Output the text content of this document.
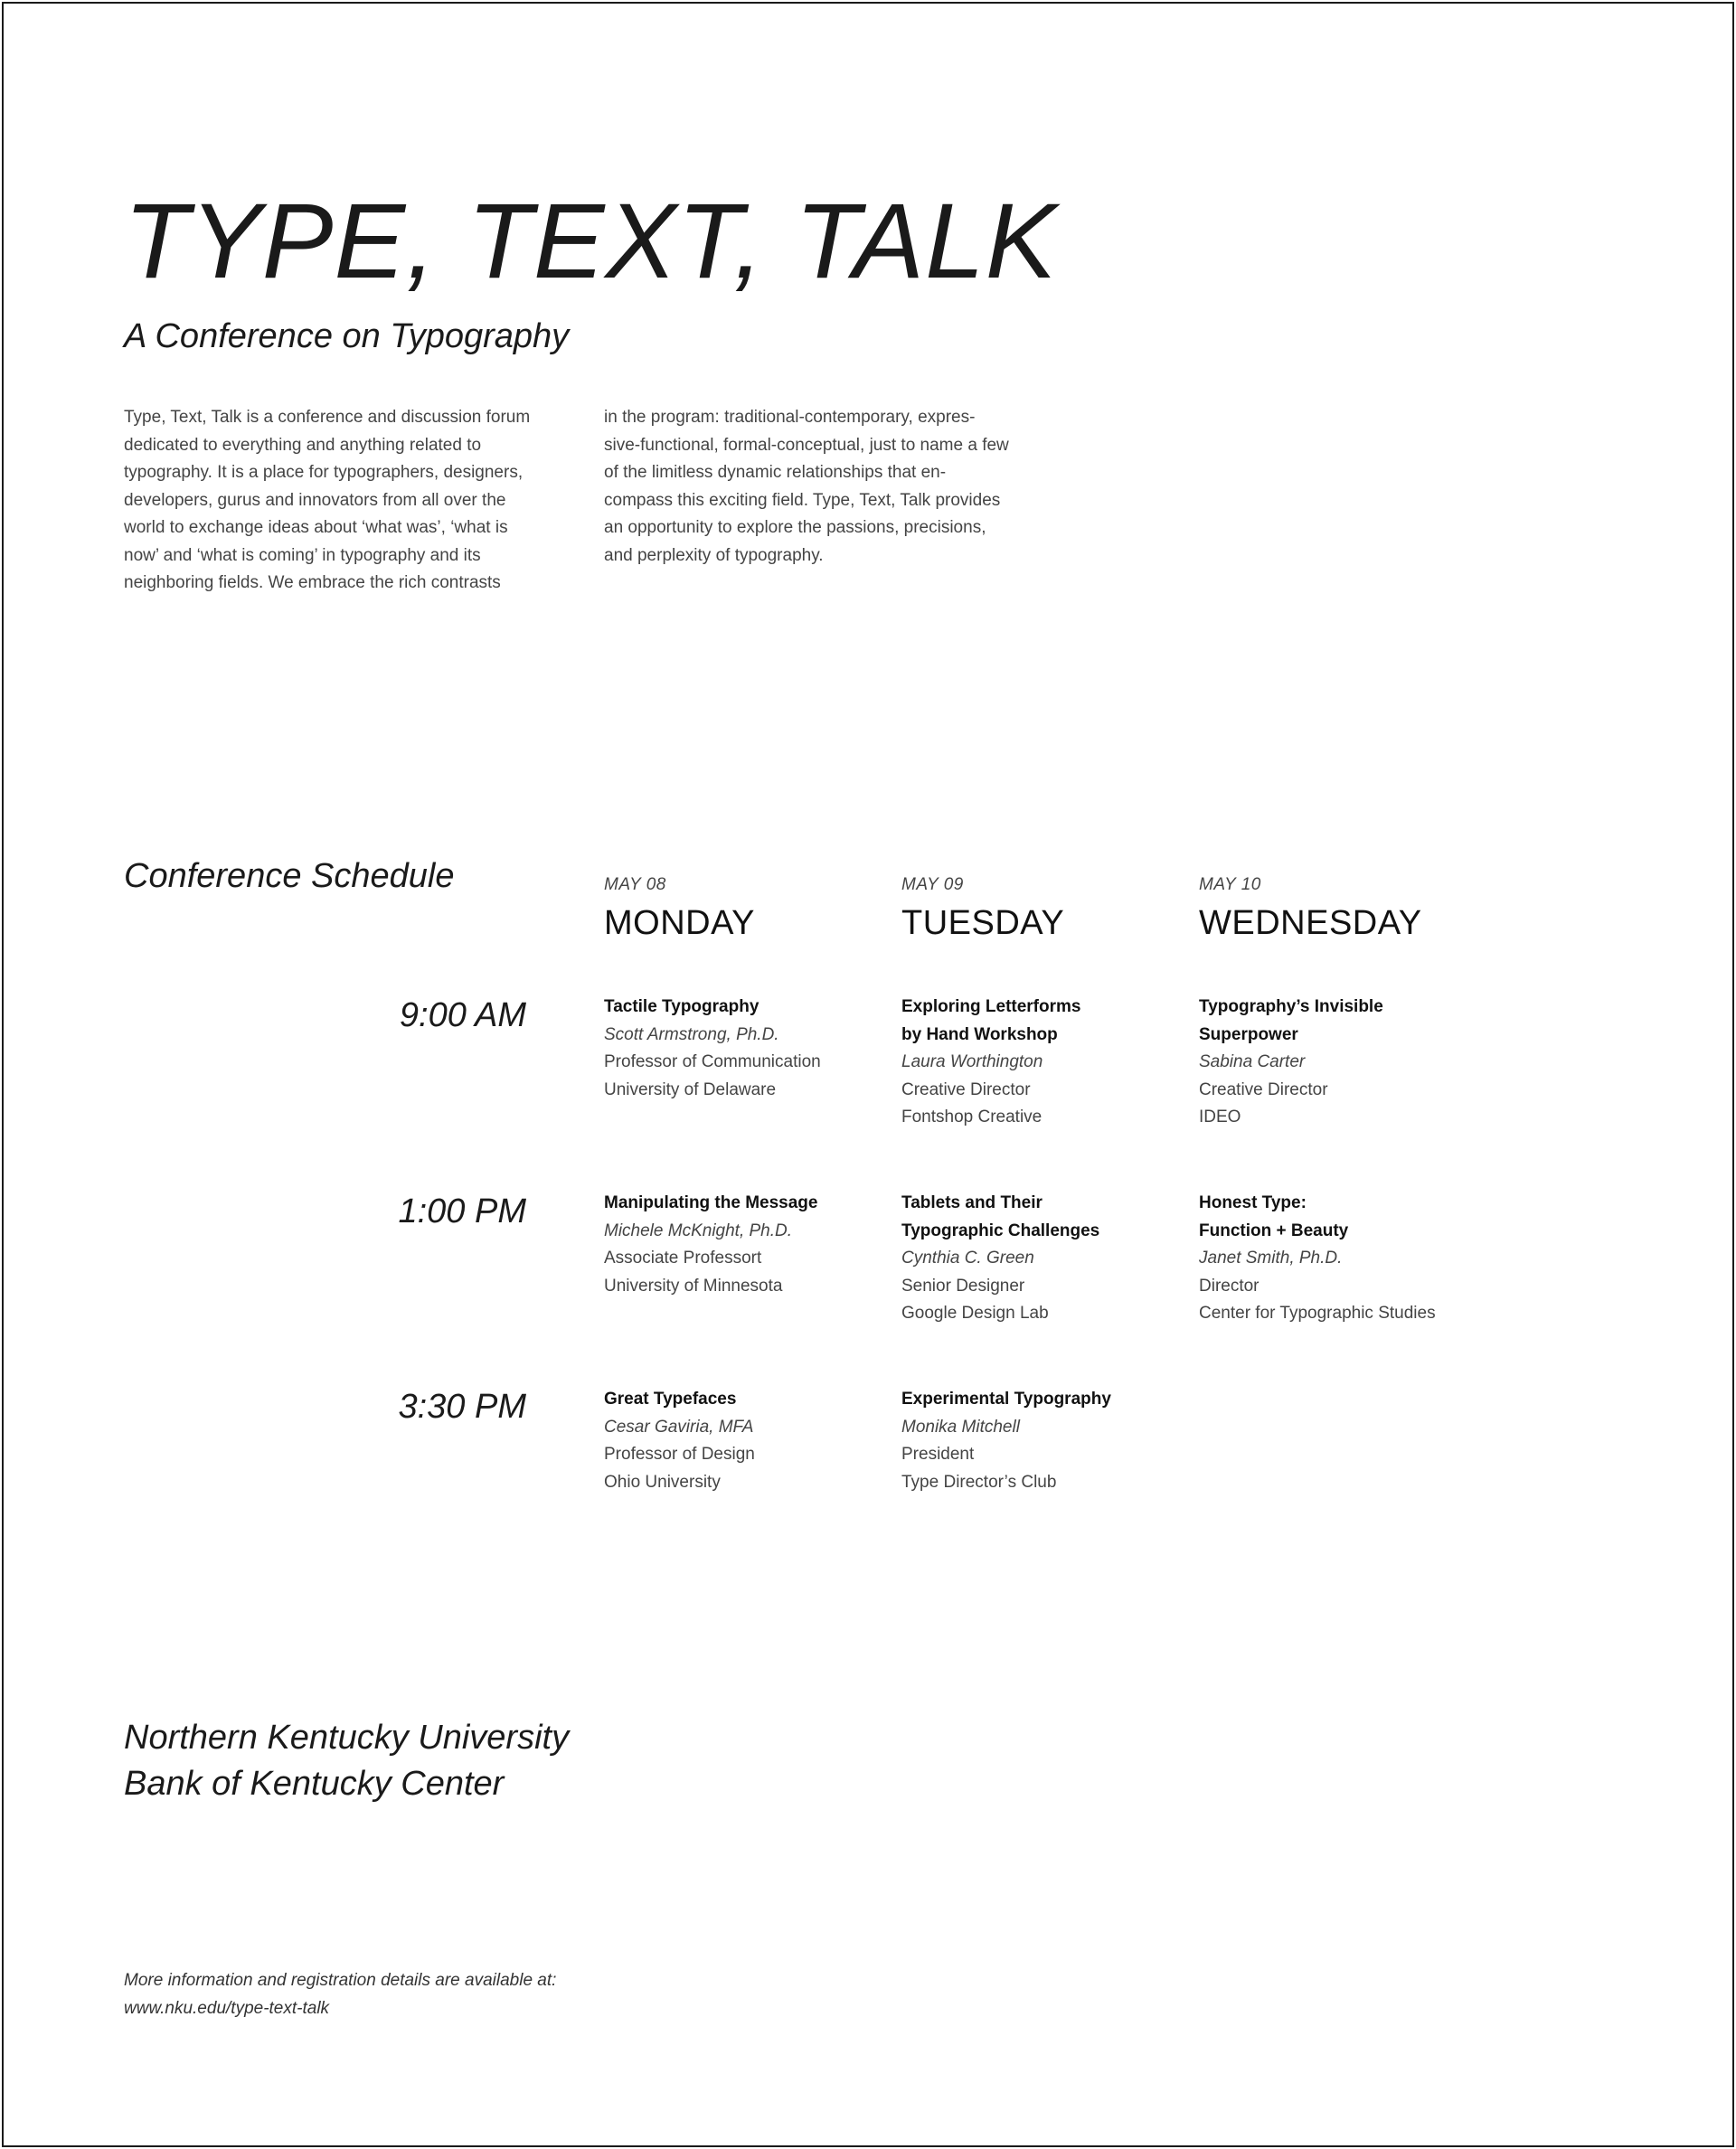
TYPE, TEXT, TALK
A Conference on Typography

Type, Text, Talk is a conference and discussion forum dedicated to everything and anything related to typography. It is a place for typographers, designers, developers, gurus and innovators from all over the world to exchange ideas about ‘what was’, ‘what is now’ and ‘what is coming’ in typography and its neighboring fields. We embrace the rich contrasts

in the program: traditional-contemporary, expres-sive-functional, formal-conceptual, just to name a few of the limitless dynamic relationships that en-compass this exciting field. Type, Text, Talk provides an opportunity to explore the passions, precisions, and perplexity of typography.

Conference Schedule	MAY 08
MONDAY
MAY 09
TUESDAY
MAY 10
WEDNESDAY
9:00 AM
1:00 PM
3:30 PM
Tactile Typography
Scott Armstrong, Ph.D.
Professor of Communication
University of Delaware
Exploring Letterforms
by Hand Workshop
Laura Worthington
Creative Director
Fontshop Creative
Typography’s Invisible
Superpower
Sabina Carter
Creative Director
IDEO
Manipulating the Message
Michele McKnight, Ph.D.
Associate Professort
University of Minnesota
Tablets and Their
Typographic Challenges
Cynthia C. Green
Senior Designer
Google Design Lab
Honest Type:
Function + Beauty
Janet Smith, Ph.D.
Director
Center for Typographic Studies
Great Typefaces
Cesar Gaviria, MFA
Professor of Design
Ohio University
Experimental Typography
Monika Mitchell
President
Type Director’s Club
Northern Kentucky University
Bank of Kentucky Center
More information and registration details are available at:
www.nku.edu/type-text-talk
